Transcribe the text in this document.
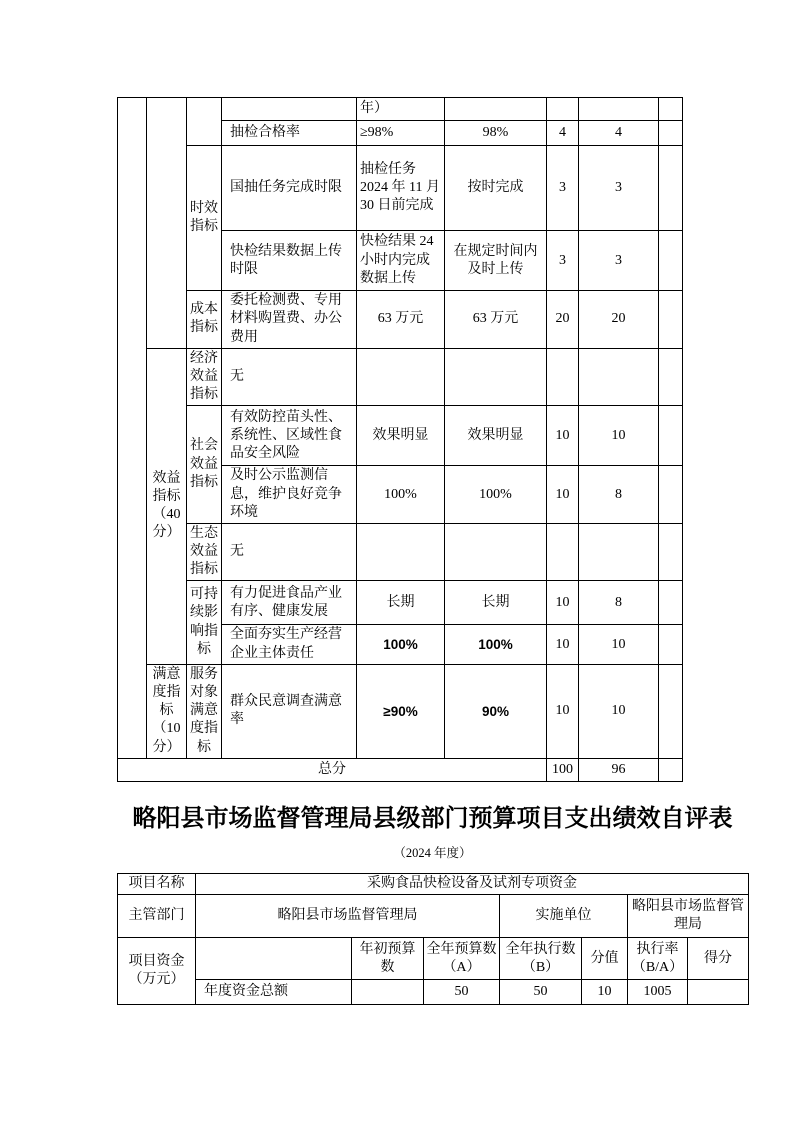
				年）				
			抽检合格率	≥98%	98%	4	4	
		时效指标	国抽任务完成时限	抽检任务 2024 年 11 月 30 日前完成	按时完成	3	3	
			快检结果数据上传时限	快检结果 24 小时内完成数据上传	在规定时间内及时上传	3	3	
		成本指标	委托检测费、专用材料购置费、办公费用	63 万元	63 万元	20	20	
	效益指标（40分）	经济效益指标	无					
		社会效益指标	有效防控苗头性、系统性、区域性食品安全风险	效果明显	效果明显	10	10	
			及时公示监测信息，维护良好竞争环境	100%	100%	10	8	
		生态效益指标	无					
		可持续影响指标	有力促进食品产业有序、健康发展	长期	长期	10	8	
			全面夯实生产经营企业主体责任	100%	100%	10	10	
	满意度指标（10分）	服务对象满意度指标	群众民意调查满意率	≥90%	90%	10	10	
总分						100	96	
略阳县市场监督管理局县级部门预算项目支出绩效自评表
（2024 年度）
项目名称	采购食品快检设备及试剂专项资金						
主管部门	略阳县市场监督管理局			实施单位		略阳县市场监督管理局	
项目资金（万元）		年初预算数	全年预算数（A）	全年执行数（B）	分值	执行率（B/A）	得分
	年度资金总额		50	50	10	1005	
